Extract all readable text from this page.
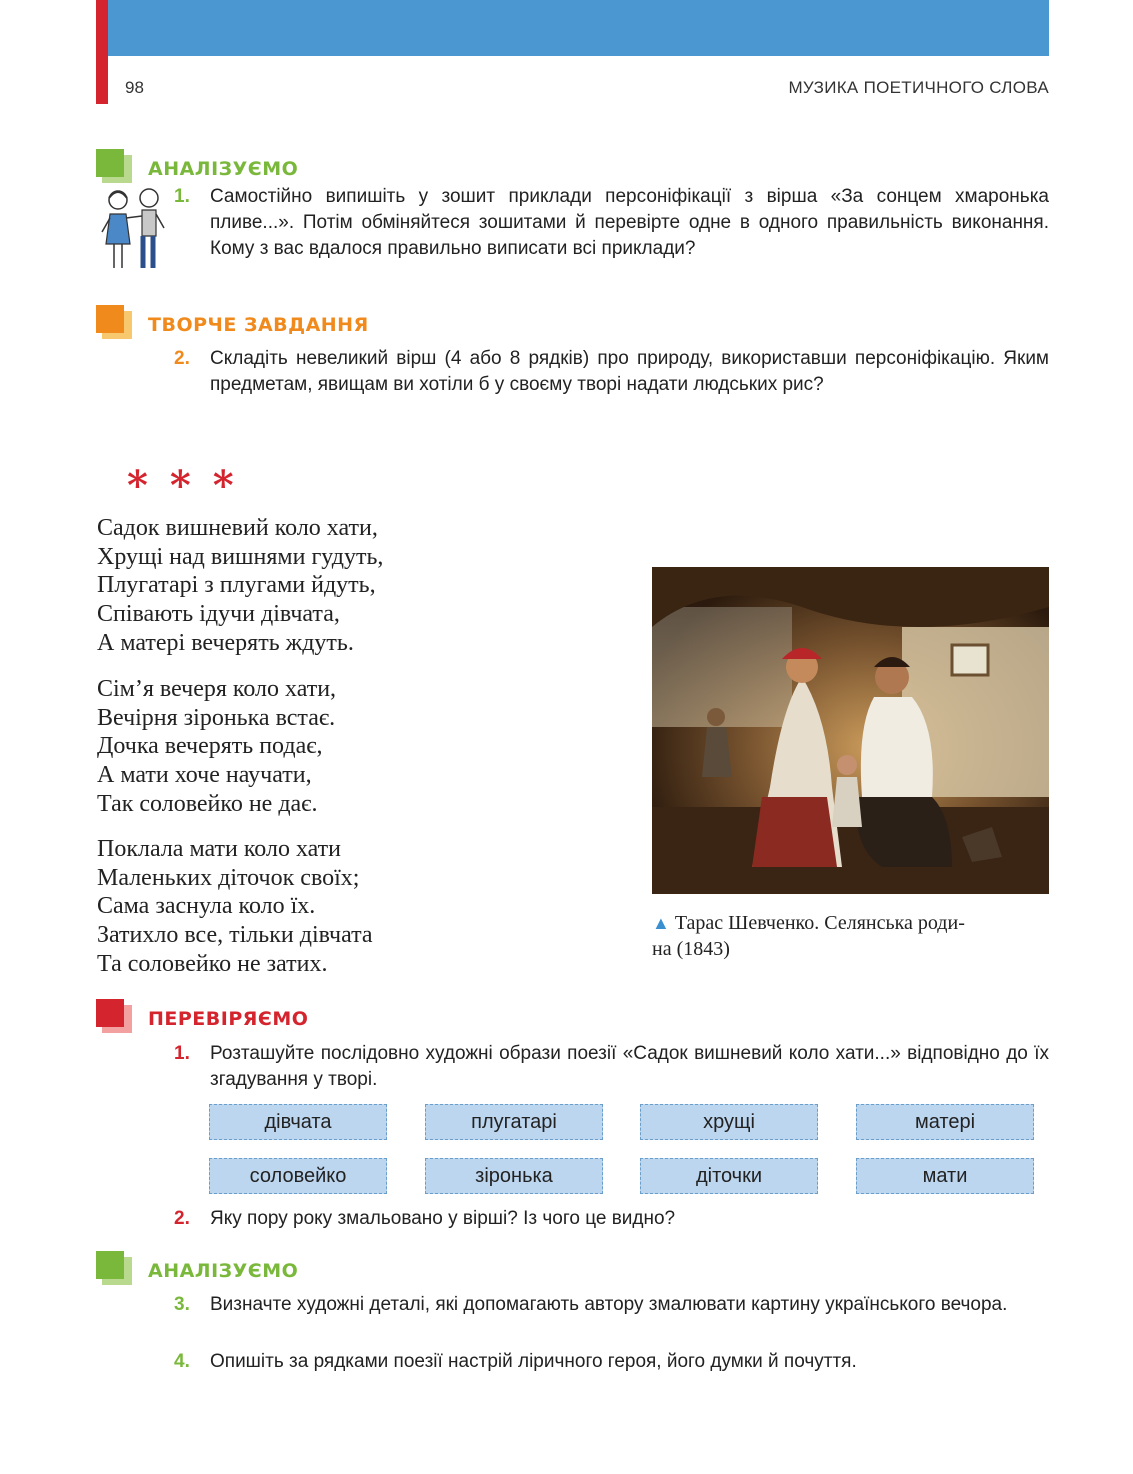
98	МУЗИКА ПОЕТИЧНОГО СЛОВА
АНАЛІЗУЄМО
1.	Самостійно випишіть у зошит приклади персоніфікації з вірша «За сонцем хмаронька пливе...». Потім обміняйтеся зошитами й перевірте одне в одного правильність виконання. Кому з вас вдалося правильно виписати всі приклади?
ТВОРЧЕ ЗАВДАННЯ
2.	Складіть невеликий вірш (4 або 8 рядків) про природу, використавши персоніфікацію. Яким предметам, явищам ви хотіли б у своєму творі надати людських рис?
* * *
Садок вишневий коло хати,
Хрущі над вишнями гудуть,
Плугатарі з плугами йдуть,
Співають ідучи дівчата,
А матері вечерять ждуть.
Сім’я вечеря коло хати,
Вечірня зіронька встає.
Дочка вечерять подає,
А мати хоче научати,
Так соловейко не дає.
Поклала мати коло хати
Маленьких діточок своїх;
Сама заснула коло їх.
Затихло все, тільки дівчата
Та соловейко не затих.
▲ Тарас Шевченко. Селянська роди-
на (1843)
ПЕРЕВІРЯЄМО
1.	Розташуйте послідовно художні образи поезії «Садок вишневий коло хати...» відповідно до їх згадування у творі.
дівчата	плугатарі	хрущі	матері
соловейко	зіронька	діточки	мати
2.	Яку пору року змальовано у вірші? Із чого це видно?
АНАЛІЗУЄМО
3.	Визначте художні деталі, які допомагають автору змалювати картину українського вечора.
4.	Опишіть за рядками поезії настрій ліричного героя, його думки й почуття.
